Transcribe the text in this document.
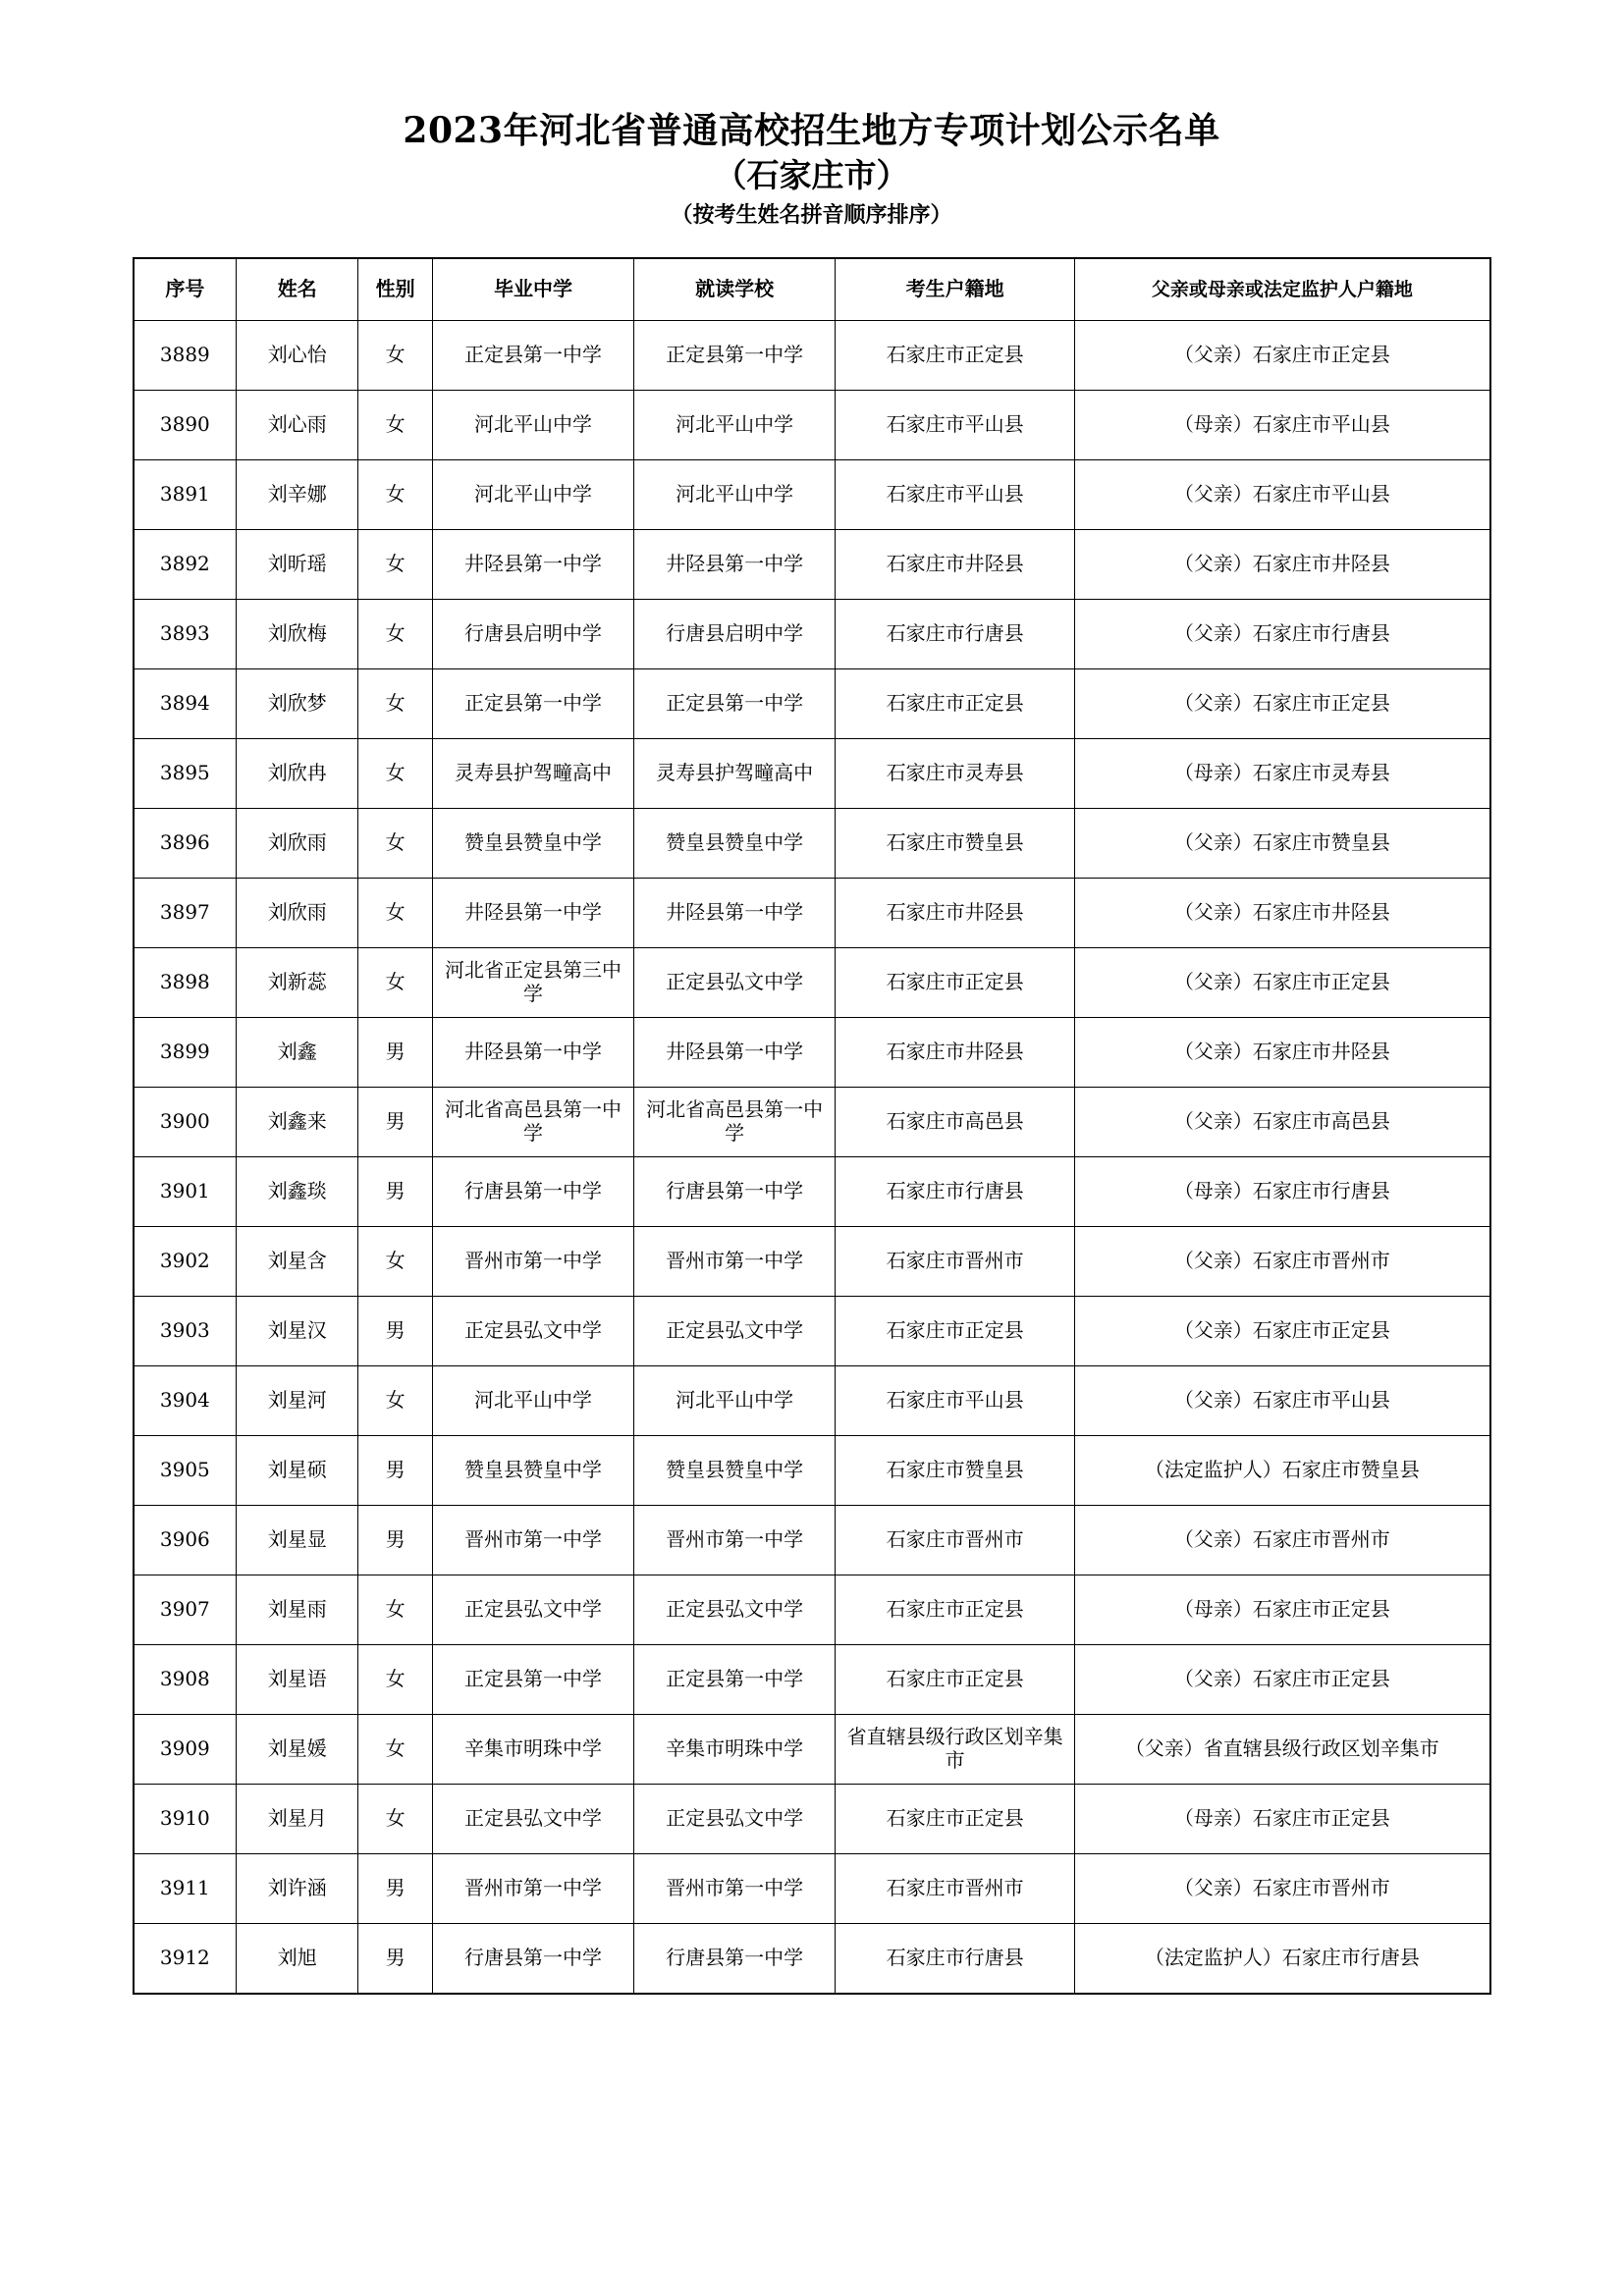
2023年河北省普通高校招生地方专项计划公示名单
（石家庄市）
（按考生姓名拼音顺序排序）
序号	姓名	性别	毕业中学	就读学校	考生户籍地	父亲或母亲或法定监护人户籍地
3889	刘心怡	女	正定县第一中学	正定县第一中学	石家庄市正定县	（父亲）石家庄市正定县
3890	刘心雨	女	河北平山中学	河北平山中学	石家庄市平山县	（母亲）石家庄市平山县
3891	刘辛娜	女	河北平山中学	河北平山中学	石家庄市平山县	（父亲）石家庄市平山县
3892	刘昕瑶	女	井陉县第一中学	井陉县第一中学	石家庄市井陉县	（父亲）石家庄市井陉县
3893	刘欣梅	女	行唐县启明中学	行唐县启明中学	石家庄市行唐县	（父亲）石家庄市行唐县
3894	刘欣梦	女	正定县第一中学	正定县第一中学	石家庄市正定县	（父亲）石家庄市正定县
3895	刘欣冉	女	灵寿县护驾疃高中	灵寿县护驾疃高中	石家庄市灵寿县	（母亲）石家庄市灵寿县
3896	刘欣雨	女	赞皇县赞皇中学	赞皇县赞皇中学	石家庄市赞皇县	（父亲）石家庄市赞皇县
3897	刘欣雨	女	井陉县第一中学	井陉县第一中学	石家庄市井陉县	（父亲）石家庄市井陉县
3898	刘新蕊	女	河北省正定县第三中学	正定县弘文中学	石家庄市正定县	（父亲）石家庄市正定县
3899	刘鑫	男	井陉县第一中学	井陉县第一中学	石家庄市井陉县	（父亲）石家庄市井陉县
3900	刘鑫来	男	河北省高邑县第一中学	河北省高邑县第一中学	石家庄市高邑县	（父亲）石家庄市高邑县
3901	刘鑫琰	男	行唐县第一中学	行唐县第一中学	石家庄市行唐县	（母亲）石家庄市行唐县
3902	刘星含	女	晋州市第一中学	晋州市第一中学	石家庄市晋州市	（父亲）石家庄市晋州市
3903	刘星汉	男	正定县弘文中学	正定县弘文中学	石家庄市正定县	（父亲）石家庄市正定县
3904	刘星河	女	河北平山中学	河北平山中学	石家庄市平山县	（父亲）石家庄市平山县
3905	刘星硕	男	赞皇县赞皇中学	赞皇县赞皇中学	石家庄市赞皇县	（法定监护人）石家庄市赞皇县
3906	刘星显	男	晋州市第一中学	晋州市第一中学	石家庄市晋州市	（父亲）石家庄市晋州市
3907	刘星雨	女	正定县弘文中学	正定县弘文中学	石家庄市正定县	（母亲）石家庄市正定县
3908	刘星语	女	正定县第一中学	正定县第一中学	石家庄市正定县	（父亲）石家庄市正定县
3909	刘星媛	女	辛集市明珠中学	辛集市明珠中学	省直辖县级行政区划辛集市	（父亲）省直辖县级行政区划辛集市
3910	刘星月	女	正定县弘文中学	正定县弘文中学	石家庄市正定县	（母亲）石家庄市正定县
3911	刘许涵	男	晋州市第一中学	晋州市第一中学	石家庄市晋州市	（父亲）石家庄市晋州市
3912	刘旭	男	行唐县第一中学	行唐县第一中学	石家庄市行唐县	（法定监护人）石家庄市行唐县
